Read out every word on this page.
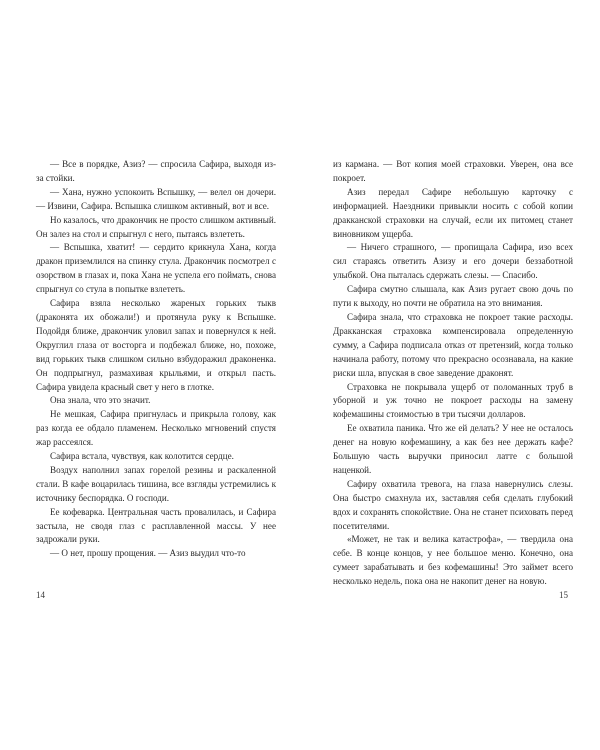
— Все в порядке, Азиз? — спросила Сафира, выходя из-за стойки.

— Хана, нужно успокоить Вспышку, — велел он дочери. — Извини, Сафира. Вспышка слишком активный, вот и все.

Но казалось, что дракончик не просто слишком активный. Он залез на стол и спрыгнул с него, пытаясь взлететь.

— Вспышка, хватит! — сердито крикнула Хана, когда дракон приземлился на спинку стула. Дракончик посмотрел с озорством в глазах и, пока Хана не успела его поймать, снова спрыгнул со стула в попытке взлететь.

Сафира взяла несколько жареных горьких тыкв (драконята их обожали!) и протянула руку к Вспышке. Подойдя ближе, дракончик уловил запах и повернулся к ней. Округлил глаза от восторга и подбежал ближе, но, похоже, вид горьких тыкв слишком сильно взбудоражил драконенка. Он подпрыгнул, размахивая крыльями, и открыл пасть. Сафира увидела красный свет у него в глотке.

Она знала, что это значит.

Не мешкая, Сафира пригнулась и прикрыла голову, как раз когда ее обдало пламенем. Несколько мгновений спустя жар рассеялся.

Сафира встала, чувствуя, как колотится сердце.

Воздух наполнил запах горелой резины и раскаленной стали. В кафе воцарилась тишина, все взгляды устремились к источнику беспорядка. О господи.

Ее кофеварка. Центральная часть провалилась, и Сафира застыла, не сводя глаз с расплавленной массы. У нее задрожали руки.

— О нет, прошу прощения. — Азиз выудил что-то

из кармана. — Вот копия моей страховки. Уверен, она все покроет.

Азиз передал Сафире небольшую карточку с информацией. Наездники привыкли носить с собой копии дракканской страховки на случай, если их питомец станет виновником ущерба.

— Ничего страшного, — пропищала Сафира, изо всех сил стараясь ответить Азизу и его дочери беззаботной улыбкой. Она пыталась сдержать слезы. — Спасибо.

Сафира смутно слышала, как Азиз ругает свою дочь по пути к выходу, но почти не обратила на это внимания.

Сафира знала, что страховка не покроет такие расходы. Дракканская страховка компенсировала определенную сумму, а Сафира подписала отказ от претензий, когда только начинала работу, потому что прекрасно осознавала, на какие риски шла, впуская в свое заведение драконят.

Страховка не покрывала ущерб от поломанных труб в уборной и уж точно не покроет расходы на замену кофемашины стоимостью в три тысячи долларов.

Ее охватила паника. Что же ей делать? У нее не осталось денег на новую кофемашину, а как без нее держать кафе? Большую часть выручки приносил латте с большой наценкой.

Сафиру охватила тревога, на глаза навернулись слезы. Она быстро смахнула их, заставляя себя сделать глубокий вдох и сохранять спокойствие. Она не станет психовать перед посетителями.

«Может, не так и велика катастрофа», — твердила она себе. В конце концов, у нее большое меню. Конечно, она сумеет зарабатывать и без кофемашины! Это займет всего несколько недель, пока она не накопит денег на новую.

14	15
